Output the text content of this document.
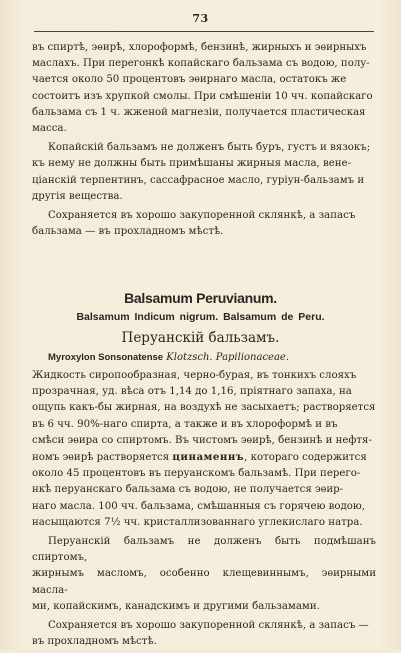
73

въ спиртѣ, эѳирѣ, хлороформѣ, бензинѣ, жирныхъ и эѳирныхъ

маслахъ. При перегонкѣ копайскаго бальзама съ водою, полу-

чается около 50 процентовъ эѳирнаго масла, остатокъ же

состоитъ изъ хрупкой смолы. При смѣшеніи 10 чч. копайскаго

бальзама съ 1 ч. жженой магнезіи, получается пластическая

масса.

Копайскій бальзамъ не долженъ быть буръ, густъ и вязокъ;

къ нему не должны быть примѣшаны жирныя масла, вене-

ціанскій терпентинъ, сассафрасное масло, гурiун-бальзамъ и

другія вещества.

Сохраняется въ хорошо закупоренной склянкѣ, а запасъ

бальзама — въ прохладномъ мѣстѣ.

Balsamum Peruvianum.
Balsamum Indicum nigrum. Balsamum de Peru.
Перуанскій бальзамъ.
Myroxylon Sonsonatense Klotzsch. Papilionaceae.

Жидкость сиропообразная, черно-бурая, въ тонкихъ слояхъ

прозрачная, уд. вѣса отъ 1,14 до 1,16, пріятнаго запаха, на

ощупь какъ-бы жирная, на воздухѣ не засыхаетъ; растворяется

въ 6 чч. 90%-наго спирта, а также и въ хлороформѣ и въ

смѣси эѳира со спиртомъ. Въ чистомъ эѳирѣ, бензинѣ и нефтя-

номъ эѳирѣ растворяется цинаменнъ, котораго содержится

около 45 процентовъ въ перуанскомъ бальзамѣ. При перего-

нкѣ перуанскаго бальзама съ водою, не получается эѳир-

наго масла. 100 чч. бальзама, смѣшанныя съ горячею водою,

насыщаются 7½ чч. кристаллизованнаго углекислаго натра.

Перуанскій бальзамъ не долженъ быть подмѣшанъ спиртомъ,

жирнымъ масломъ, особенно клещевиннымъ, эѳирными масла-

ми, копайскимъ, канадскимъ и другими бальзамами.

Сохраняется въ хорошо закупоренной склянкѣ, а запасъ —

въ прохладномъ мѣстѣ.
